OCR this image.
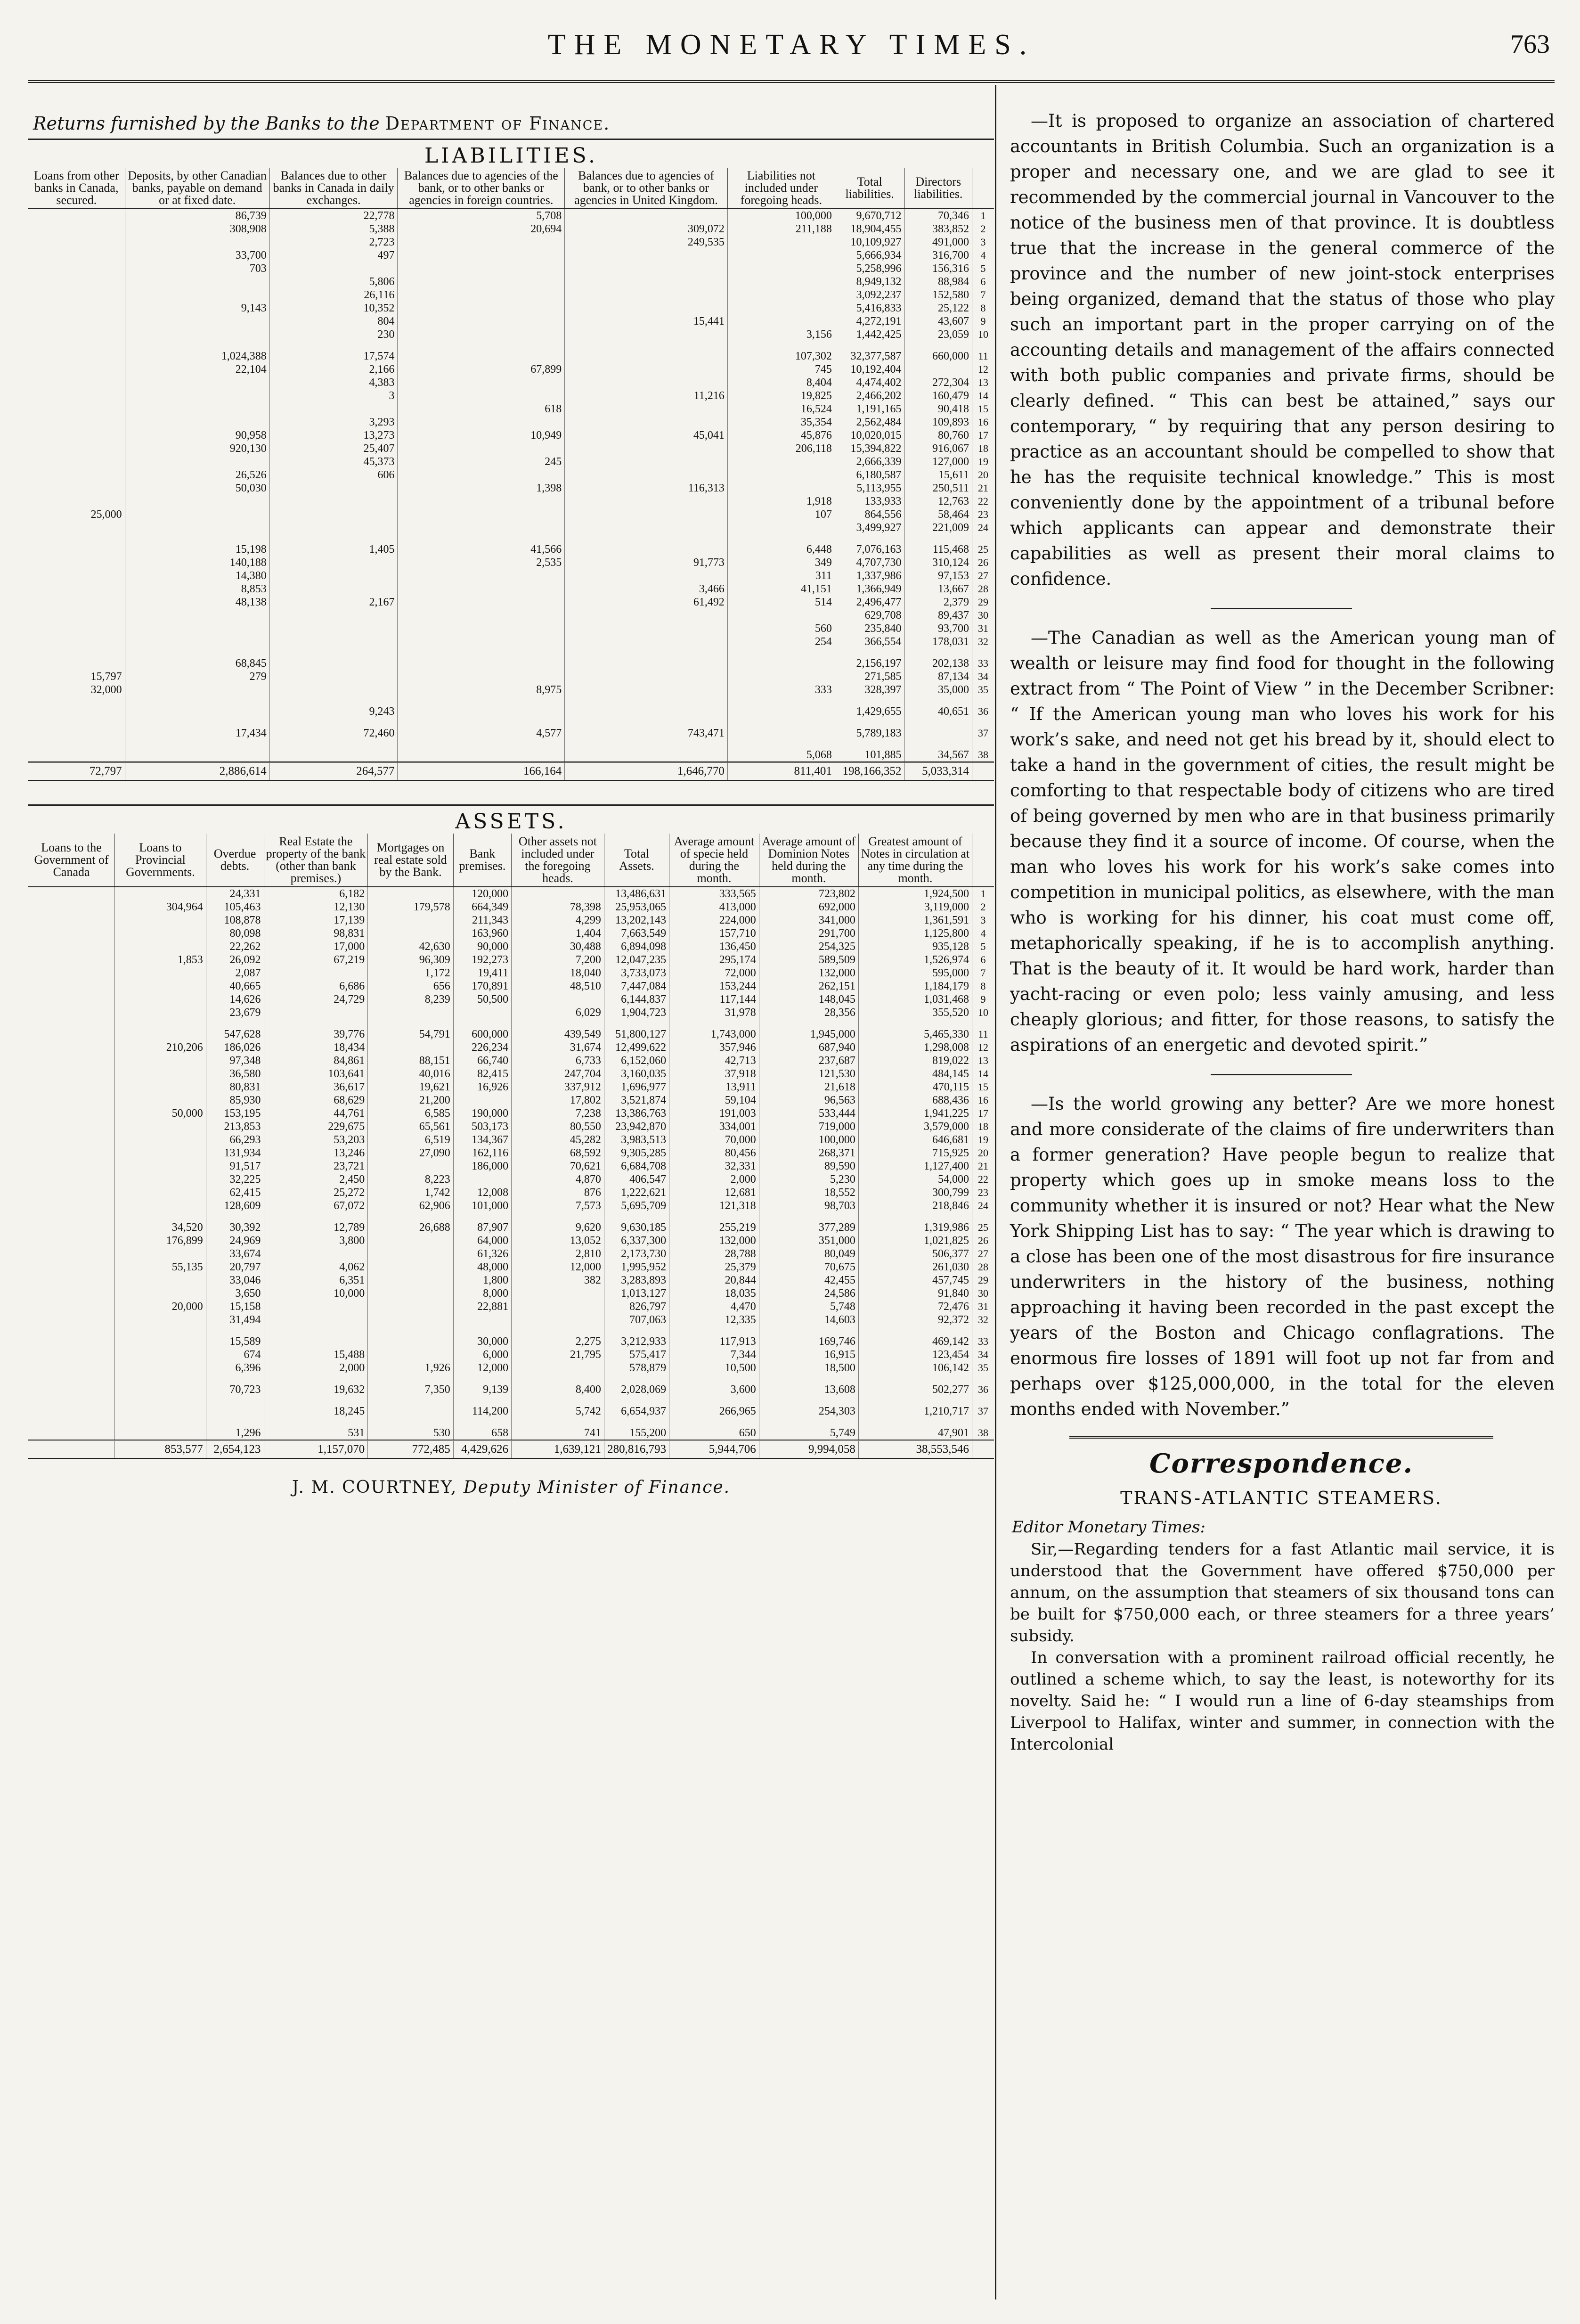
THE MONETARY TIMES.	763
Returns furnished by the Banks to the Department of Finance.
LIABILITIES.
Loans from other banks in Canada, secured.	Deposits, by other Canadian banks, payable on demand or at fixed date.	Balances due to other banks in Canada in daily exchanges.	Balances due to agencies of the bank, or to other banks or agencies in foreign countries.	Balances due to agencies of bank, or to other banks or agencies in United Kingdom.	Liabilities not included under foregoing heads.	Total liabilities.	Directors liabilities.	
	86,739	22,778	5,708		100,000	9,670,712	70,346	1
	308,908	5,388	20,694	309,072	211,188	18,904,455	383,852	2
		2,723		249,535		10,109,927	491,000	3
	33,700	497				5,666,934	316,700	4
	703					5,258,996	156,316	5
		5,806				8,949,132	88,984	6
		26,116				3,092,237	152,580	7
	9,143	10,352				5,416,833	25,122	8
		804		15,441		4,272,191	43,607	9
		230			3,156	1,442,425	23,059	10

	1,024,388	17,574			107,302	32,377,587	660,000	11
	22,104	2,166	67,899		745	10,192,404		12
		4,383			8,404	4,474,402	272,304	13
		3		11,216	19,825	2,466,202	160,479	14
			618		16,524	1,191,165	90,418	15
		3,293			35,354	2,562,484	109,893	16
	90,958	13,273	10,949	45,041	45,876	10,020,015	80,760	17
	920,130	25,407			206,118	15,394,822	916,067	18
		45,373	245			2,666,339	127,000	19
	26,526	606				6,180,587	15,611	20
	50,030		1,398	116,313		5,113,955	250,511	21
					1,918	133,933	12,763	22
25,000					107	864,556	58,464	23
						3,499,927	221,009	24

	15,198	1,405	41,566		6,448	7,076,163	115,468	25
	140,188		2,535	91,773	349	4,707,730	310,124	26
	14,380				311	1,337,986	97,153	27
	8,853			3,466	41,151	1,366,949	13,667	28
	48,138	2,167		61,492	514	2,496,477	2,379	29
						629,708	89,437	30
					560	235,840	93,700	31
					254	366,554	178,031	32

	68,845					2,156,197	202,138	33
15,797	279					271,585	87,134	34
32,000			8,975		333	328,397	35,000	35

		9,243				1,429,655	40,651	36

	17,434	72,460	4,577	743,471		5,789,183		37

					5,068	101,885	34,567	38
72,797	2,886,614	264,577	166,164	1,646,770	811,401	198,166,352	5,033,314	
ASSETS.
Loans to the Government of Canada	Loans to Provincial Governments.	Overdue debts.	Real Estate the property of the bank (other than bank premises.)	Mortgages on real estate sold by the Bank.	Bank premises.	Other assets not included under the foregoing heads.	Total Assets.	Average amount of specie held during the month.	Average amount of Dominion Notes held during the month.	Greatest amount of Notes in circulation at any time during the month.	
		24,331	6,182		120,000		13,486,631	333,565	723,802	1,924,500	1
	304,964	105,463	12,130	179,578	664,349	78,398	25,953,065	413,000	692,000	3,119,000	2
		108,878	17,139		211,343	4,299	13,202,143	224,000	341,000	1,361,591	3
		80,098	98,831		163,960	1,404	7,663,549	157,710	291,700	1,125,800	4
		22,262	17,000	42,630	90,000	30,488	6,894,098	136,450	254,325	935,128	5
	1,853	26,092	67,219	96,309	192,273	7,200	12,047,235	295,174	589,509	1,526,974	6
		2,087		1,172	19,411	18,040	3,733,073	72,000	132,000	595,000	7
		40,665	6,686	656	170,891	48,510	7,447,084	153,244	262,151	1,184,179	8
		14,626	24,729	8,239	50,500		6,144,837	117,144	148,045	1,031,468	9
		23,679				6,029	1,904,723	31,978	28,356	355,520	10

		547,628	39,776	54,791	600,000	439,549	51,800,127	1,743,000	1,945,000	5,465,330	11
	210,206	186,026	18,434		226,234	31,674	12,499,622	357,946	687,940	1,298,008	12
		97,348	84,861	88,151	66,740	6,733	6,152,060	42,713	237,687	819,022	13
		36,580	103,641	40,016	82,415	247,704	3,160,035	37,918	121,530	484,145	14
		80,831	36,617	19,621	16,926	337,912	1,696,977	13,911	21,618	470,115	15
		85,930	68,629	21,200		17,802	3,521,874	59,104	96,563	688,436	16
	50,000	153,195	44,761	6,585	190,000	7,238	13,386,763	191,003	533,444	1,941,225	17
		213,853	229,675	65,561	503,173	80,550	23,942,870	334,001	719,000	3,579,000	18
		66,293	53,203	6,519	134,367	45,282	3,983,513	70,000	100,000	646,681	19
		131,934	13,246	27,090	162,116	68,592	9,305,285	80,456	268,371	715,925	20
		91,517	23,721		186,000	70,621	6,684,708	32,331	89,590	1,127,400	21
		32,225	2,450	8,223		4,870	406,547	2,000	5,230	54,000	22
		62,415	25,272	1,742	12,008	876	1,222,621	12,681	18,552	300,799	23
		128,609	67,072	62,906	101,000	7,573	5,695,709	121,318	98,703	218,846	24

	34,520	30,392	12,789	26,688	87,907	9,620	9,630,185	255,219	377,289	1,319,986	25
	176,899	24,969	3,800		64,000	13,052	6,337,300	132,000	351,000	1,021,825	26
		33,674			61,326	2,810	2,173,730	28,788	80,049	506,377	27
	55,135	20,797	4,062		48,000	12,000	1,995,952	25,379	70,675	261,030	28
		33,046	6,351		1,800	382	3,283,893	20,844	42,455	457,745	29
		3,650	10,000		8,000		1,013,127	18,035	24,586	91,840	30
	20,000	15,158			22,881		826,797	4,470	5,748	72,476	31
		31,494					707,063	12,335	14,603	92,372	32

		15,589			30,000	2,275	3,212,933	117,913	169,746	469,142	33
		674	15,488		6,000	21,795	575,417	7,344	16,915	123,454	34
		6,396	2,000	1,926	12,000		578,879	10,500	18,500	106,142	35

		70,723	19,632	7,350	9,139	8,400	2,028,069	3,600	13,608	502,277	36

			18,245		114,200	5,742	6,654,937	266,965	254,303	1,210,717	37

		1,296	531	530	658	741	155,200	650	5,749	47,901	38
	853,577	2,654,123	1,157,070	772,485	4,429,626	1,639,121	280,816,793	5,944,706	9,994,058	38,553,546	
J. M. COURTNEY, Deputy Minister of Finance.

—It is proposed to organize an association of chartered accountants in British Columbia. Such an organization is a proper and necessary one, and we are glad to see it recommended by the commercial journal in Vancouver to the notice of the business men of that province. It is doubtless true that the increase in the general commerce of the province and the number of new joint-stock enterprises being organized, demand that the status of those who play such an important part in the proper carrying on of the accounting details and management of the affairs connected with both public companies and private firms, should be clearly defined. “ This can best be attained,” says our contemporary, “ by requiring that any person desiring to practice as an accountant should be compelled to show that he has the requisite technical knowledge.” This is most conveniently done by the appointment of a tribunal before which applicants can appear and demonstrate their capabilities as well as present their moral claims to confidence.

—The Canadian as well as the American young man of wealth or leisure may find food for thought in the following extract from “ The Point of View ” in the December Scribner: “ If the American young man who loves his work for his work’s sake, and need not get his bread by it, should elect to take a hand in the government of cities, the result might be comforting to that respectable body of citizens who are tired of being governed by men who are in that business primarily because they find it a source of income. Of course, when the man who loves his work for his work’s sake comes into competition in municipal politics, as elsewhere, with the man who is working for his dinner, his coat must come off, metaphorically speaking, if he is to accomplish anything. That is the beauty of it. It would be hard work, harder than yacht-racing or even polo; less vainly amusing, and less cheaply glorious; and fitter, for those reasons, to satisfy the aspirations of an energetic and devoted spirit.”

—Is the world growing any better? Are we more honest and more considerate of the claims of fire underwriters than a former generation? Have people begun to realize that property which goes up in smoke means loss to the community whether it is insured or not? Hear what the New York Shipping List has to say: “ The year which is drawing to a close has been one of the most disastrous for fire insurance underwriters in the history of the business, nothing approaching it having been recorded in the past except the years of the Boston and Chicago conflagrations. The enormous fire losses of 1891 will foot up not far from and perhaps over $125,000,000, in the total for the eleven months ended with November.”

Correspondence.
TRANS-ATLANTIC STEAMERS.
Editor Monetary Times:

Sir,—Regarding tenders for a fast Atlantic mail service, it is understood that the Government have offered $750,000 per annum, on the assumption that steamers of six thousand tons can be built for $750,000 each, or three steamers for a three years’ subsidy.

In conversation with a prominent railroad official recently, he outlined a scheme which, to say the least, is noteworthy for its novelty. Said he: “ I would run a line of 6-day steamships from Liverpool to Halifax, winter and summer, in connection with the Intercolonial
